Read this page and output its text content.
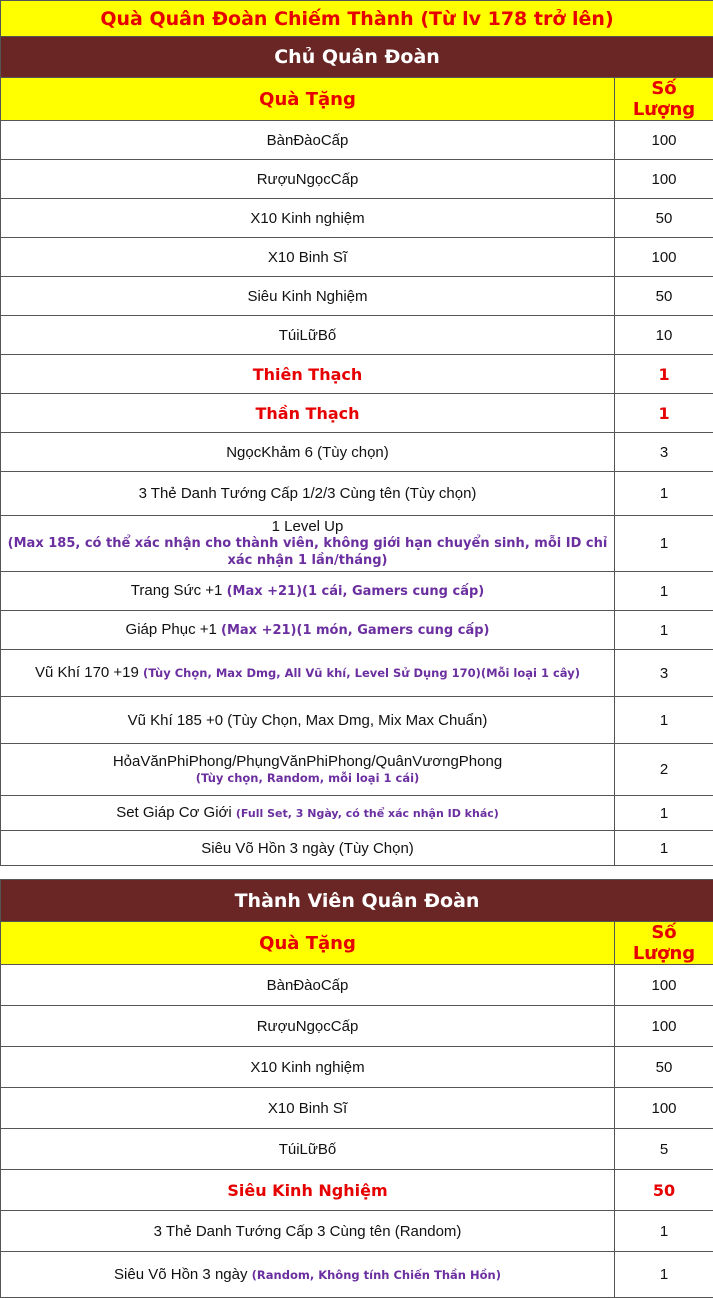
Quà Quân Đoàn Chiếm Thành (Từ lv 178 trở lên)	
Chủ Quân Đoàn	
Quà Tặng	Số Lượng
BànĐàoCấp	100
RượuNgọcCấp	100
X10 Kinh nghiệm	50
X10 Binh Sĩ	100
Siêu Kinh Nghiệm	50
TúiLữBố	10
Thiên Thạch	1
Thần Thạch	1
NgọcKhảm 6 (Tùy chọn)	3
3 Thẻ Danh Tướng Cấp 1/2/3 Cùng tên (Tùy chọn)	1

1 Level Up
(Max 185, có thể xác nhận cho thành viên, không giới hạn chuyển sinh, mỗi ID chỉ xác nhận 1 lần/tháng)	1
Trang Sức +1 (Max +21)(1 cái, Gamers cung cấp)	1
Giáp Phục +1 (Max +21)(1 món, Gamers cung cấp)	1
Vũ Khí 170 +19 (Tùy Chọn, Max Dmg, All Vũ khí, Level Sử Dụng 170)(Mỗi loại 1 cây)	3
Vũ Khí 185 +0 (Tùy Chọn, Max Dmg, Mix Max Chuẩn)	1

HỏaVănPhiPhong/PhụngVănPhiPhong/QuânVươngPhong
(Tùy chọn, Random, mỗi loại 1 cái)	2
Set Giáp Cơ Giới (Full Set, 3 Ngày, có thể xác nhận ID khác)	1
Siêu Võ Hồn 3 ngày (Tùy Chọn)	1
Thành Viên Quân Đoàn	
Quà Tặng	Số Lượng
BànĐàoCấp	100
RượuNgọcCấp	100
X10 Kinh nghiệm	50
X10 Binh Sĩ	100
TúiLữBố	5
Siêu Kinh Nghiệm	50
3 Thẻ Danh Tướng Cấp 3 Cùng tên (Random)	1
Siêu Võ Hồn 3 ngày (Random, Không tính Chiến Thần Hồn)	1
